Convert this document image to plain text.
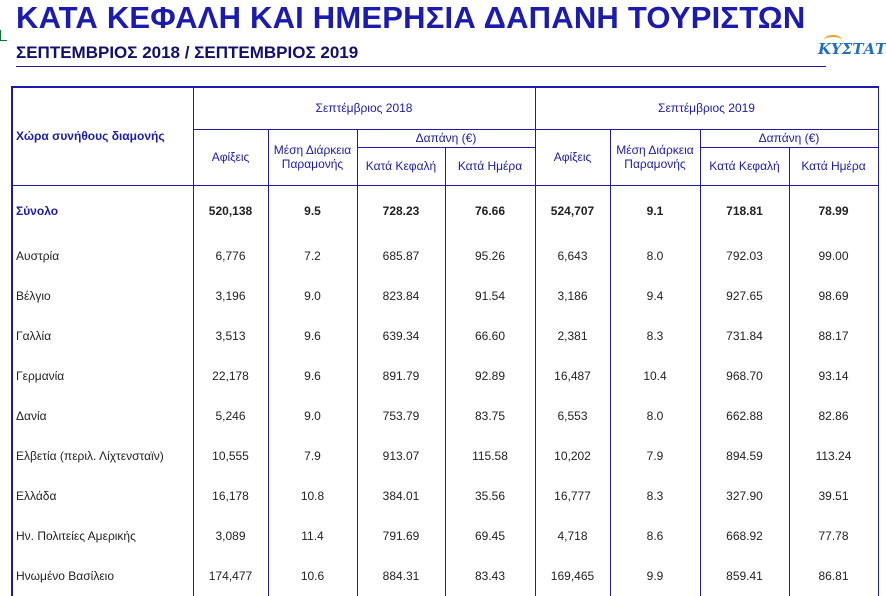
ΚΑΤΑ ΚΕΦΑΛΗ ΚΑΙ ΗΜΕΡΗΣΙΑ ΔΑΠΑΝΗ ΤΟΥΡΙΣΤΩΝ
ΣΕΠΤΕΜΒΡΙΟΣ 2018 / ΣΕΠΤΕΜΒΡΙΟΣ 2019	ΚΥΣΤΑΤ
Χώρα συνήθους διαμονής	Σεπτέμβριος 2018				Σεπτέμβριος 2019			
	Αφίξεις	Μέση Διάρκεια Παραμονής	Δαπάνη (€)		Αφίξεις	Μέση Διάρκεια Παραμονής	Δαπάνη (€)	
			Κατά Κεφαλή	Κατά Ημέρα			Κατά Κεφαλή	Κατά Ημέρα
Σύνολο	520,138	9.5	728.23	76.66	524,707	9.1	718.81	78.99
Αυστρία	6,776	7.2	685.87	95.26	6,643	8.0	792.03	99.00
Βέλγιο	3,196	9.0	823.84	91.54	3,186	9.4	927.65	98.69
Γαλλία	3,513	9.6	639.34	66.60	2,381	8.3	731.84	88.17
Γερμανία	22,178	9.6	891.79	92.89	16,487	10.4	968.70	93.14
Δανία	5,246	9.0	753.79	83.75	6,553	8.0	662.88	82.86
Ελβετία (περιλ. Λίχτενσταϊν)	10,555	7.9	913.07	115.58	10,202	7.9	894.59	113.24
Ελλάδα	16,178	10.8	384.01	35.56	16,777	8.3	327.90	39.51
Ην. Πολιτείες Αμερικής	3,089	11.4	791.69	69.45	4,718	8.6	668.92	77.78
Ηνωμένο Βασίλειο	174,477	10.6	884.31	83.43	169,465	9.9	859.41	86.81
